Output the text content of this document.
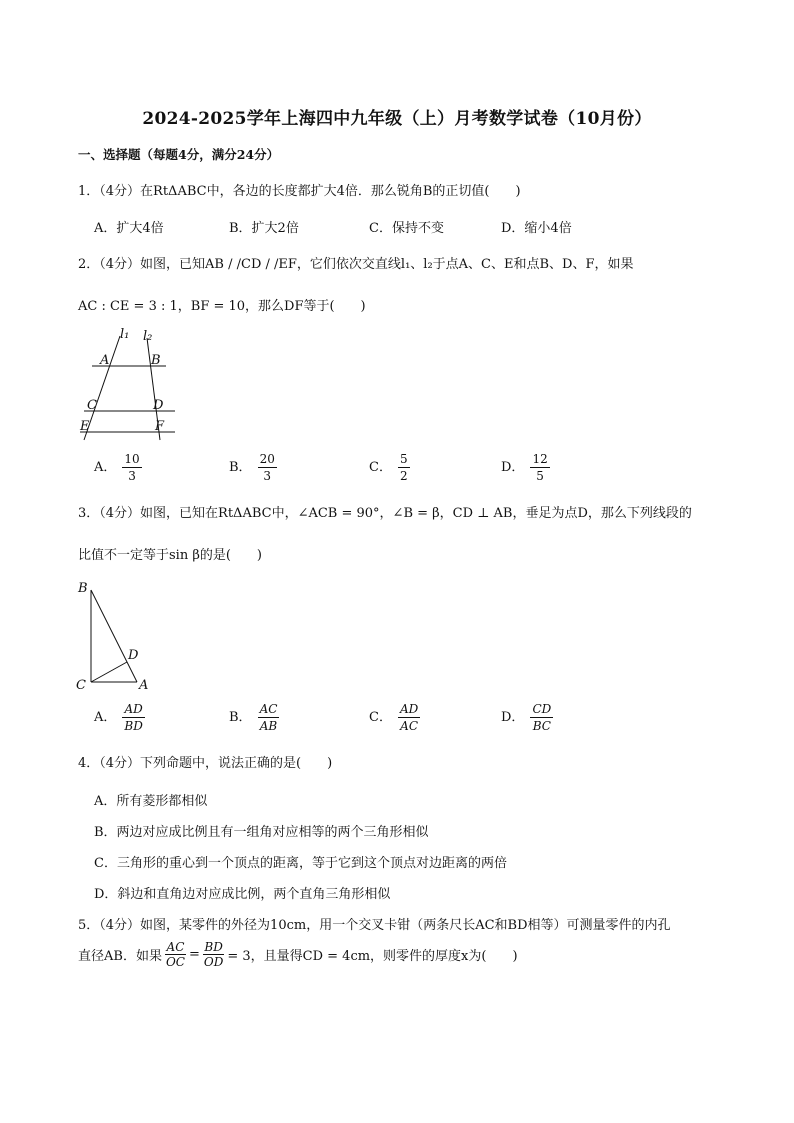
2024-2025学年上海四中九年级（上）月考数学试卷（10月份）
一、选择题（每题4分，满分24分）
1．（4分）在RtΔABC中，各边的长度都扩大4倍．那么锐角B的正切值(　　)
A．扩大4倍	B．扩大2倍	C．保持不变	D．缩小4倍
2．（4分）如图，已知AB / /CD / /EF，它们依次交直线l₁、l₂于点A、C、E和点B、D、F，如果
AC : CE = 3 : 1，BF = 10，那么DF等于(　　)
l₁ l₂
A	B
C	D
E	F
A． $\frac{10}{3}$	B． $\frac{20}{3}$	C． $\frac{5}{2}$	D． $\frac{12}{5}$
3．（4分）如图，已知在RtΔABC中，∠ACB = 90°，∠B = β，CD ⊥ AB，垂足为点D，那么下列线段的
比值不一定等于sin β的是(　　)
B
D
C	A
A． $\frac{AD}{BD}$	B． $\frac{AC}{AB}$	C． $\frac{AD}{AC}$	D． $\frac{CD}{BC}$
4．（4分）下列命题中，说法正确的是(　　)
A．所有菱形都相似
B．两边对应成比例且有一组角对应相等的两个三角形相似
C．三角形的重心到一个顶点的距离，等于它到这个顶点对边距离的两倍
D．斜边和直角边对应成比例，两个直角三角形相似
5．（4分）如图，某零件的外径为10cm，用一个交叉卡钳（两条尺长AC和BD相等）可测量零件的内孔
直径AB．如果 $\frac{AC}{OC} = \frac{BD}{OD} = 3$，且量得CD = 4cm，则零件的厚度x为(　　)
